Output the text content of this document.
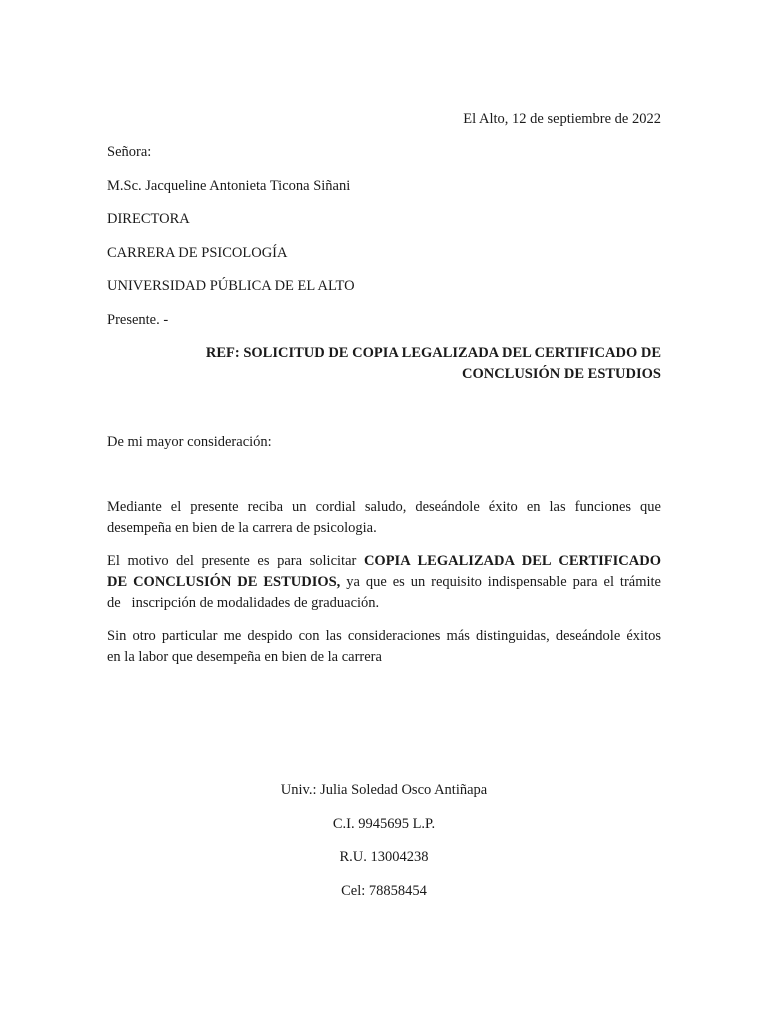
El Alto, 12 de septiembre de 2022
Señora:
M.Sc. Jacqueline Antonieta Ticona Siñani
DIRECTORA
CARRERA DE PSICOLOGÍA
UNIVERSIDAD PÚBLICA DE EL ALTO
Presente. -
REF: SOLICITUD DE COPIA LEGALIZADA DEL CERTIFICADO DE
CONCLUSIÓN DE ESTUDIOS
De mi mayor consideración:
Mediante el presente reciba un cordial saludo, deseándole éxito en las funciones que
desempeña en bien de la carrera de psicologia.
El motivo del presente es para solicitar COPIA LEGALIZADA DEL CERTIFICADO
DE CONCLUSIÓN DE ESTUDIOS, ya que es un requisito indispensable para el trámite
de   inscripción de modalidades de graduación.
Sin otro particular me despido con las consideraciones más distinguidas, deseándole éxitos
en la labor que desempeña en bien de la carrera
Univ.: Julia Soledad Osco Antiñapa
C.I. 9945695 L.P.
R.U. 13004238
Cel: 78858454
